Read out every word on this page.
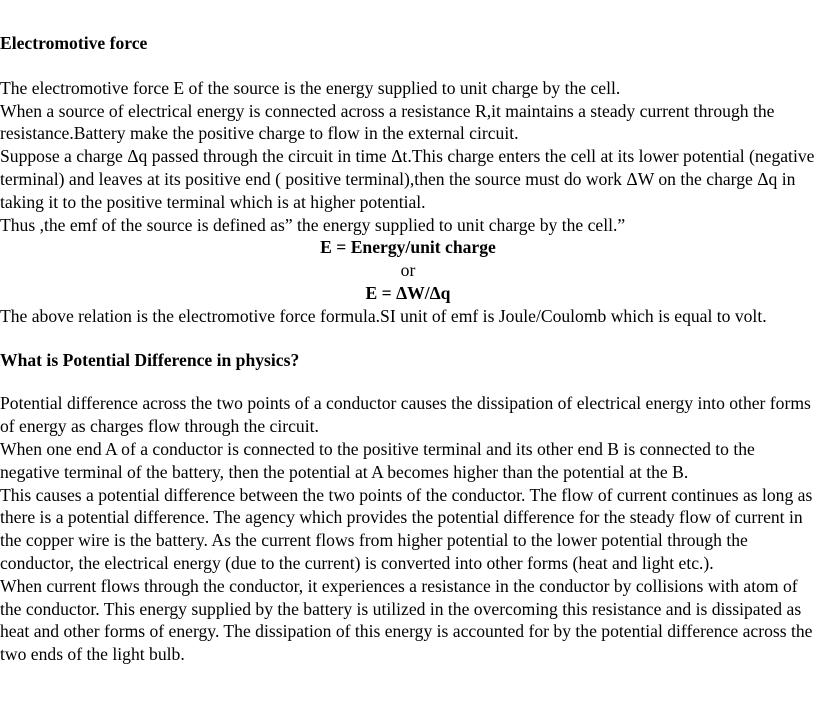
Electromotive force

The electromotive force E of the source is the energy supplied to unit charge by the cell.

When a source of electrical energy is connected across a resistance R,it maintains a steady current through the resistance.Battery make the positive charge to flow in the external circuit.

Suppose a charge Δq passed through the circuit in time Δt.This charge enters the cell at its lower potential (negative terminal) and leaves at its positive end ( positive terminal),then the source must do work ΔW on the charge Δq in taking it to the positive terminal which is at higher potential.

Thus ,the emf of the source is defined as” the energy supplied to unit charge by the cell.”

E = Energy/unit charge

or

E = ΔW/Δq

The above relation is the electromotive force formula.SI unit of emf is Joule/Coulomb which is equal to volt.

What is Potential Difference in physics?

Potential difference across the two points of a conductor causes the dissipation of electrical energy into other forms of energy as charges flow through the circuit.

When one end A of a conductor is connected to the positive terminal and its other end B is connected to the negative terminal of the battery, then the potential at A becomes higher than the potential at the B.

This causes a potential difference between the two points of the conductor. The flow of current continues as long as there is a potential difference. The agency which provides the potential difference for the steady flow of current in the copper wire is the battery. As the current flows from higher potential to the lower potential through the conductor, the electrical energy (due to the current) is converted into other forms (heat and light etc.).

When current flows through the conductor, it experiences a resistance in the conductor by collisions with atom of the conductor. This energy supplied by the battery is utilized in the overcoming this resistance and is dissipated as heat and other forms of energy. The dissipation of this energy is accounted for by the potential difference across the two ends of the light bulb.
